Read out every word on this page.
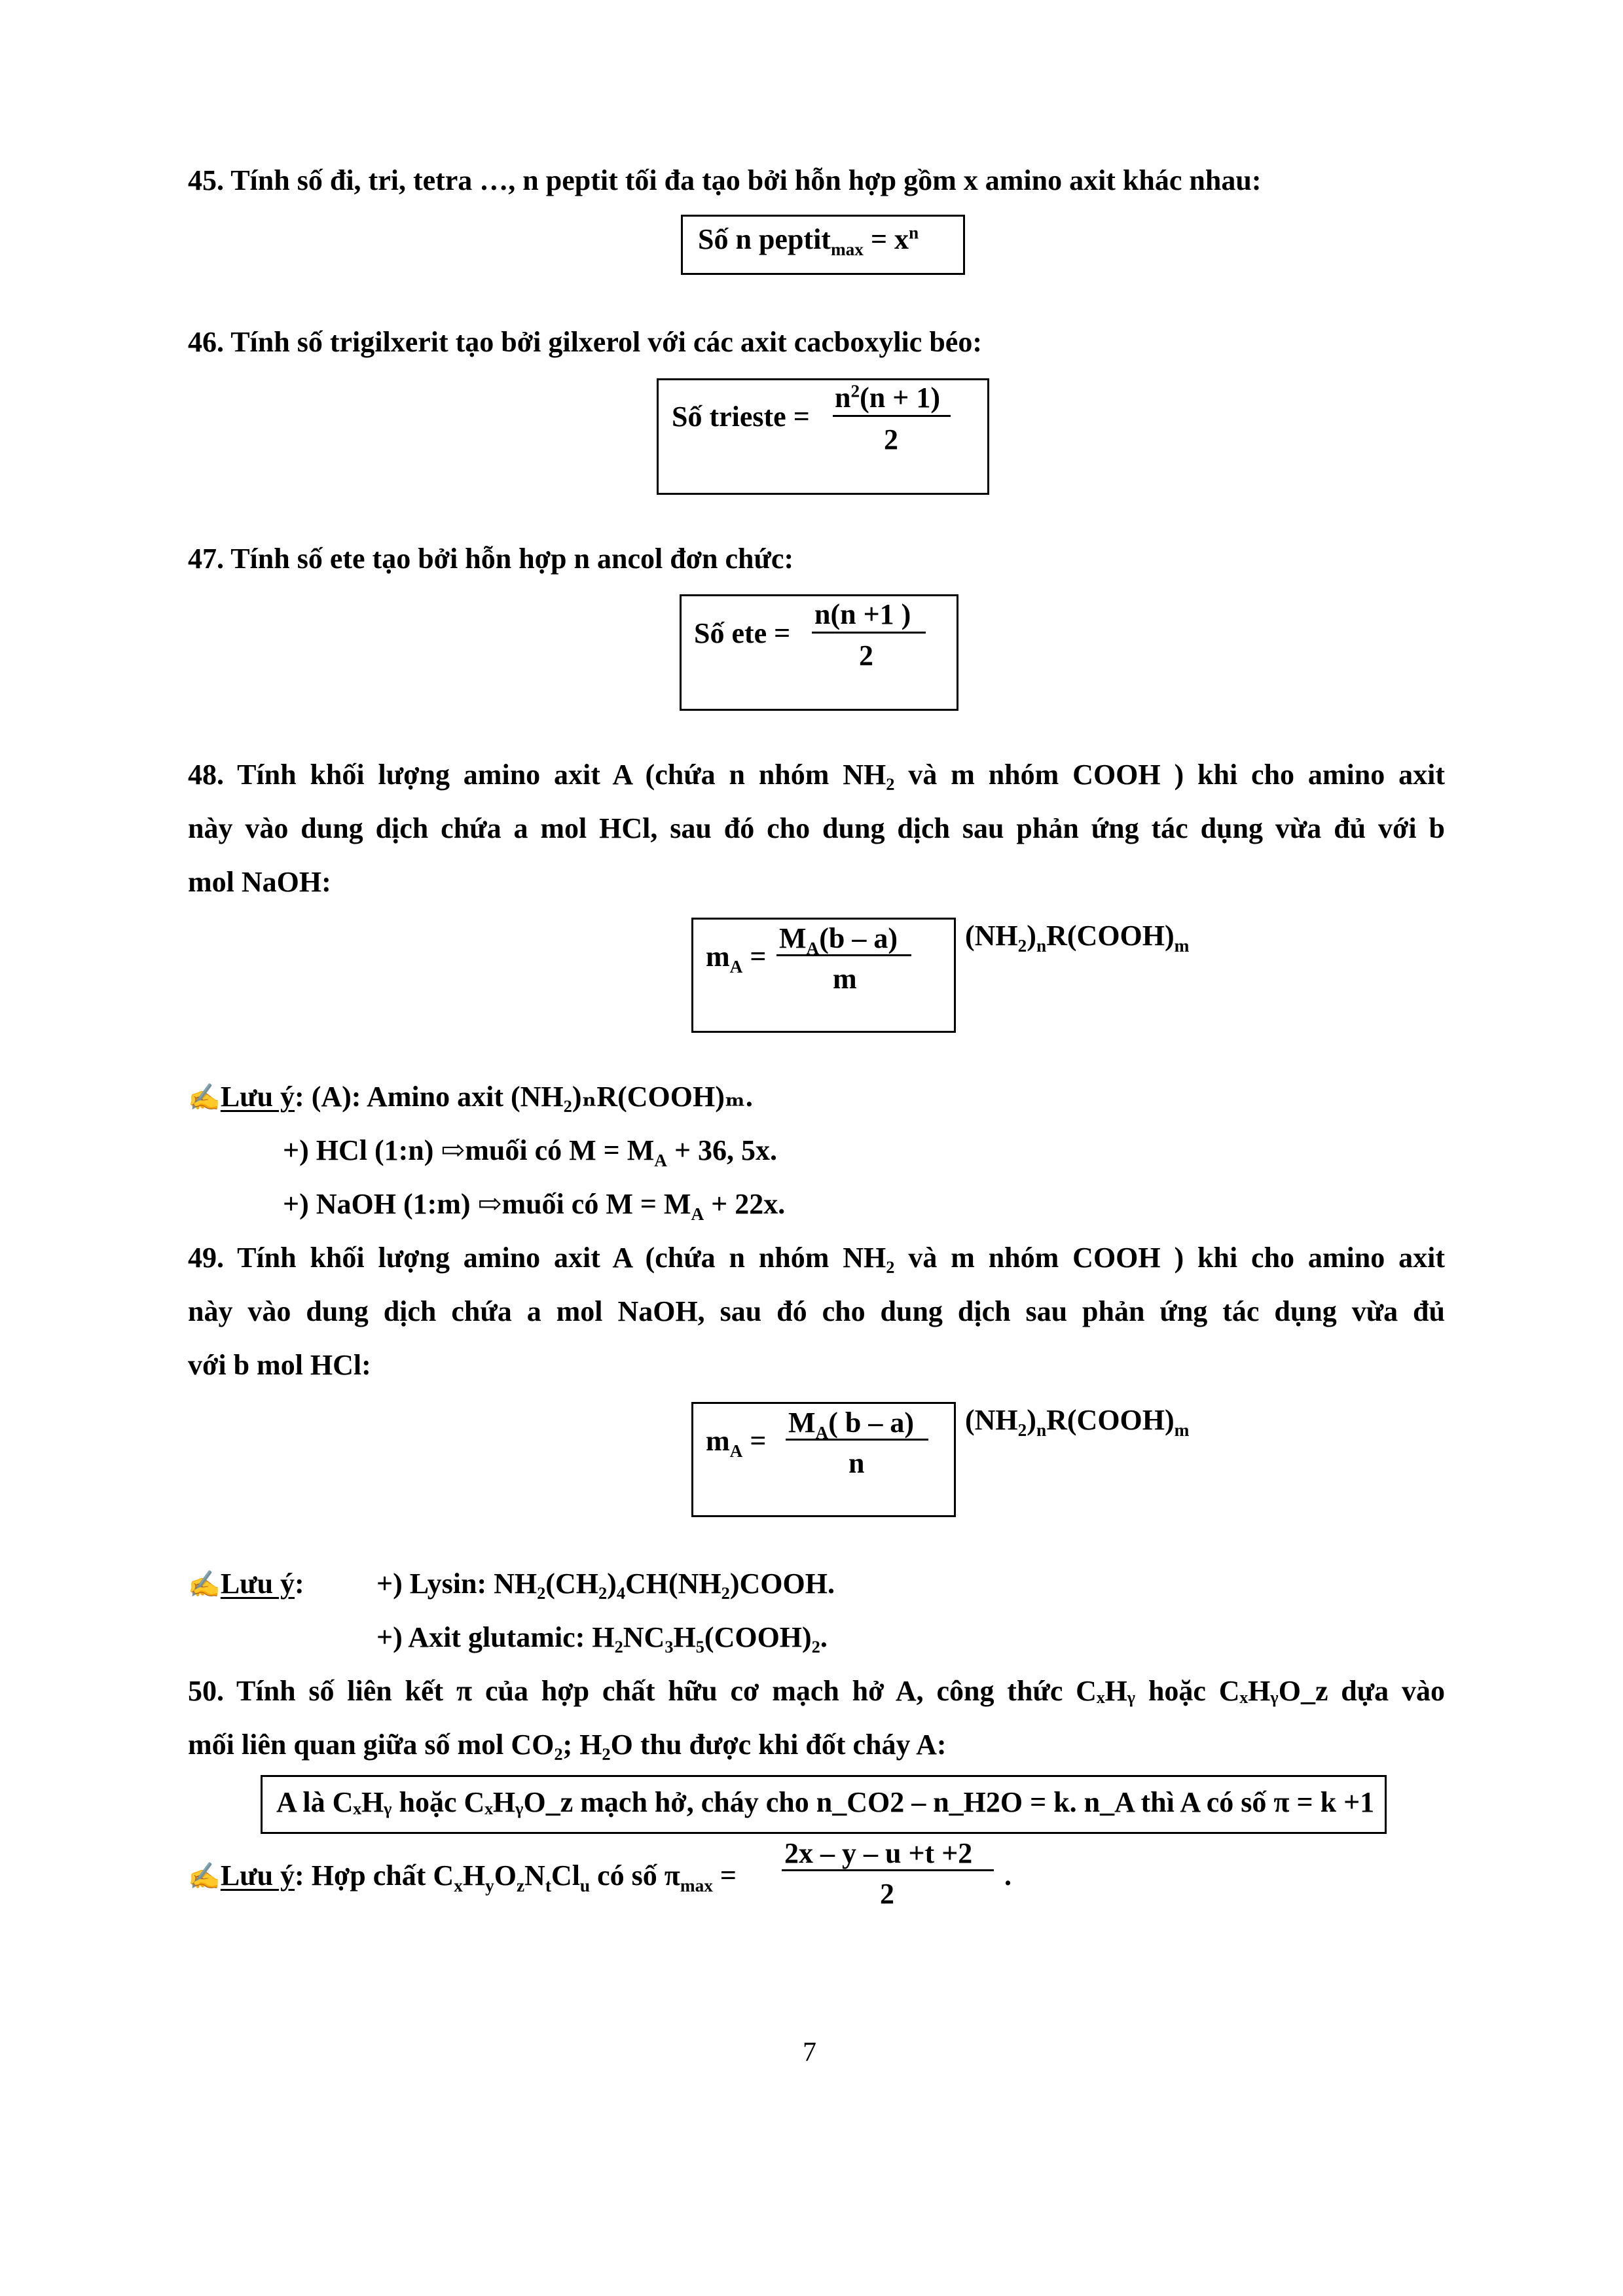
45. Tính số đi, tri, tetra …, n peptit tối đa tạo bởi hỗn hợp gồm x amino axit khác nhau:
Số n peptit$_{max}$ = $x^n$
46. Tính số trigilxerit tạo bởi gilxerol với các axit cacboxylic béo:
Số trieste =
$n^2(n + 1)$
2
47. Tính số ete tạo bởi hỗn hợp n ancol đơn chức:
Số ete =
n(n +1 )
2
48. Tính khối lượng amino axit A (chứa n nhóm NH₂ và m nhóm COOH ) khi cho amino axit
này vào dung dịch chứa a mol HCl, sau đó cho dung dịch sau phản ứng tác dụng vừa đủ với b
mol NaOH:
$m_A$ =
$M_A(b - a)$
m
$(NH_2)_nR(COOH)_m$
✍Lưu ý: (A): Amino axit (NH₂)ₙR(COOH)ₘ.
+) HCl (1:n) ⇨muối có $M = M_A + 36$, 5x.
+) NaOH (1:m) ⇨muối có $M = M_A + 22x$.
49. Tính khối lượng amino axit A (chứa n nhóm NH₂ và m nhóm COOH ) khi cho amino axit
này vào dung dịch chứa a mol NaOH, sau đó cho dung dịch sau phản ứng tác dụng vừa đủ
với b mol HCl:
$m_A$ =
$M_A$( b – a)
n
$(NH_2)_nR(COOH)_m$
✍Lưu ý:	+) Lysin: NH₂(CH₂)₄CH(NH₂)COOH.
+) Axit glutamic: H₂NC₃H₅(COOH)₂.
50. Tính số liên kết π của hợp chất hữu cơ mạch hở A, công thức CₓHᵧ hoặc CₓHᵧO_z dựa vào
mối liên quan giữa số mol CO₂; H₂O thu được khi đốt cháy A:
A là CₓHᵧ hoặc CₓHᵧO_z mạch hở, cháy cho n_CO2 – n_H2O = k. n_A thì A có số π = k +1
✍Lưu ý: Hợp chất $C_xH_yO_zN_tCl_u$ có số $\pi_{max}$ =
2x – y – u +t +2
2
.
7
